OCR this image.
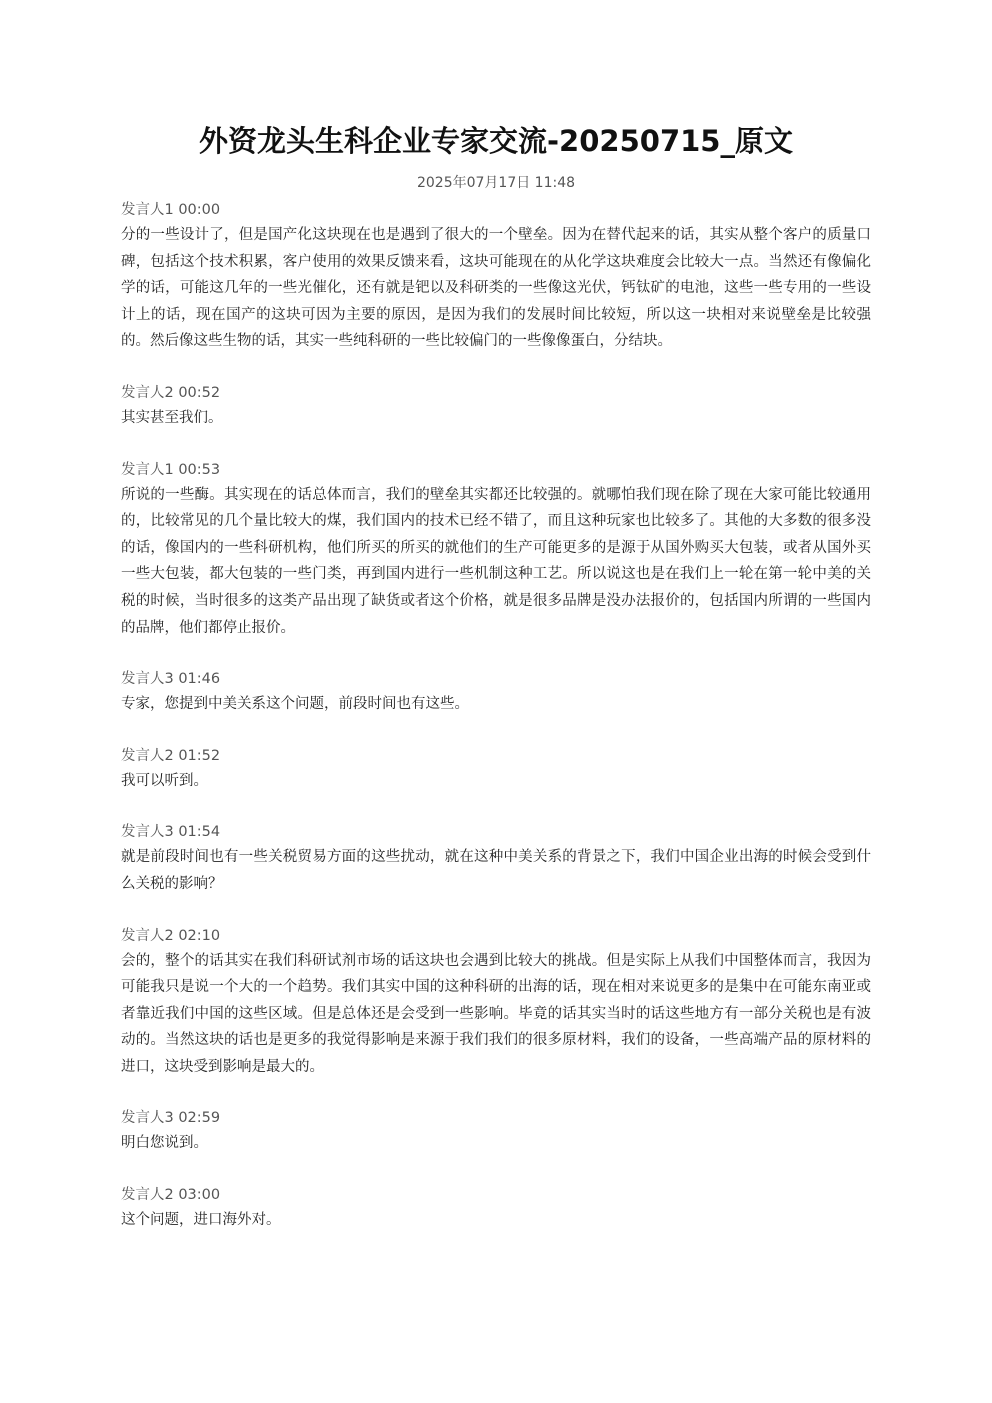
外资龙头生科企业专家交流-20250715_原文
2025年07月17日 11:48
发言人1 00:00

分的一些设计了，但是国产化这块现在也是遇到了很大的一个壁垒。因为在替代起来的话，其实从整个客户的质量口碑，包括这个技术积累，客户使用的效果反馈来看，这块可能现在的从化学这块难度会比较大一点。当然还有像偏化学的话，可能这几年的一些光催化，还有就是钯以及科研类的一些像这光伏，钙钛矿的电池，这些一些专用的一些设计上的话，现在国产的这块可因为主要的原因，是因为我们的发展时间比较短，所以这一块相对来说壁垒是比较强的。然后像这些生物的话，其实一些纯科研的一些比较偏门的一些像像蛋白，分结块。

发言人2 00:52

其实甚至我们。

发言人1 00:53

所说的一些酶。其实现在的话总体而言，我们的壁垒其实都还比较强的。就哪怕我们现在除了现在大家可能比较通用的，比较常见的几个量比较大的煤，我们国内的技术已经不错了，而且这种玩家也比较多了。其他的大多数的很多没的话，像国内的一些科研机构，他们所买的所买的就他们的生产可能更多的是源于从国外购买大包装，或者从国外买一些大包装，都大包装的一些门类，再到国内进行一些机制这种工艺。所以说这也是在我们上一轮在第一轮中美的关税的时候，当时很多的这类产品出现了缺货或者这个价格，就是很多品牌是没办法报价的，包括国内所谓的一些国内的品牌，他们都停止报价。

发言人3 01:46

专家，您提到中美关系这个问题，前段时间也有这些。

发言人2 01:52

我可以听到。

发言人3 01:54

就是前段时间也有一些关税贸易方面的这些扰动，就在这种中美关系的背景之下，我们中国企业出海的时候会受到什么关税的影响？

发言人2 02:10

会的，整个的话其实在我们科研试剂市场的话这块也会遇到比较大的挑战。但是实际上从我们中国整体而言，我因为可能我只是说一个大的一个趋势。我们其实中国的这种科研的出海的话，现在相对来说更多的是集中在可能东南亚或者靠近我们中国的这些区域。但是总体还是会受到一些影响。毕竟的话其实当时的话这些地方有一部分关税也是有波动的。当然这块的话也是更多的我觉得影响是来源于我们我们的很多原材料，我们的设备，一些高端产品的原材料的进口，这块受到影响是最大的。

发言人3 02:59

明白您说到。

发言人2 03:00

这个问题，进口海外对。
